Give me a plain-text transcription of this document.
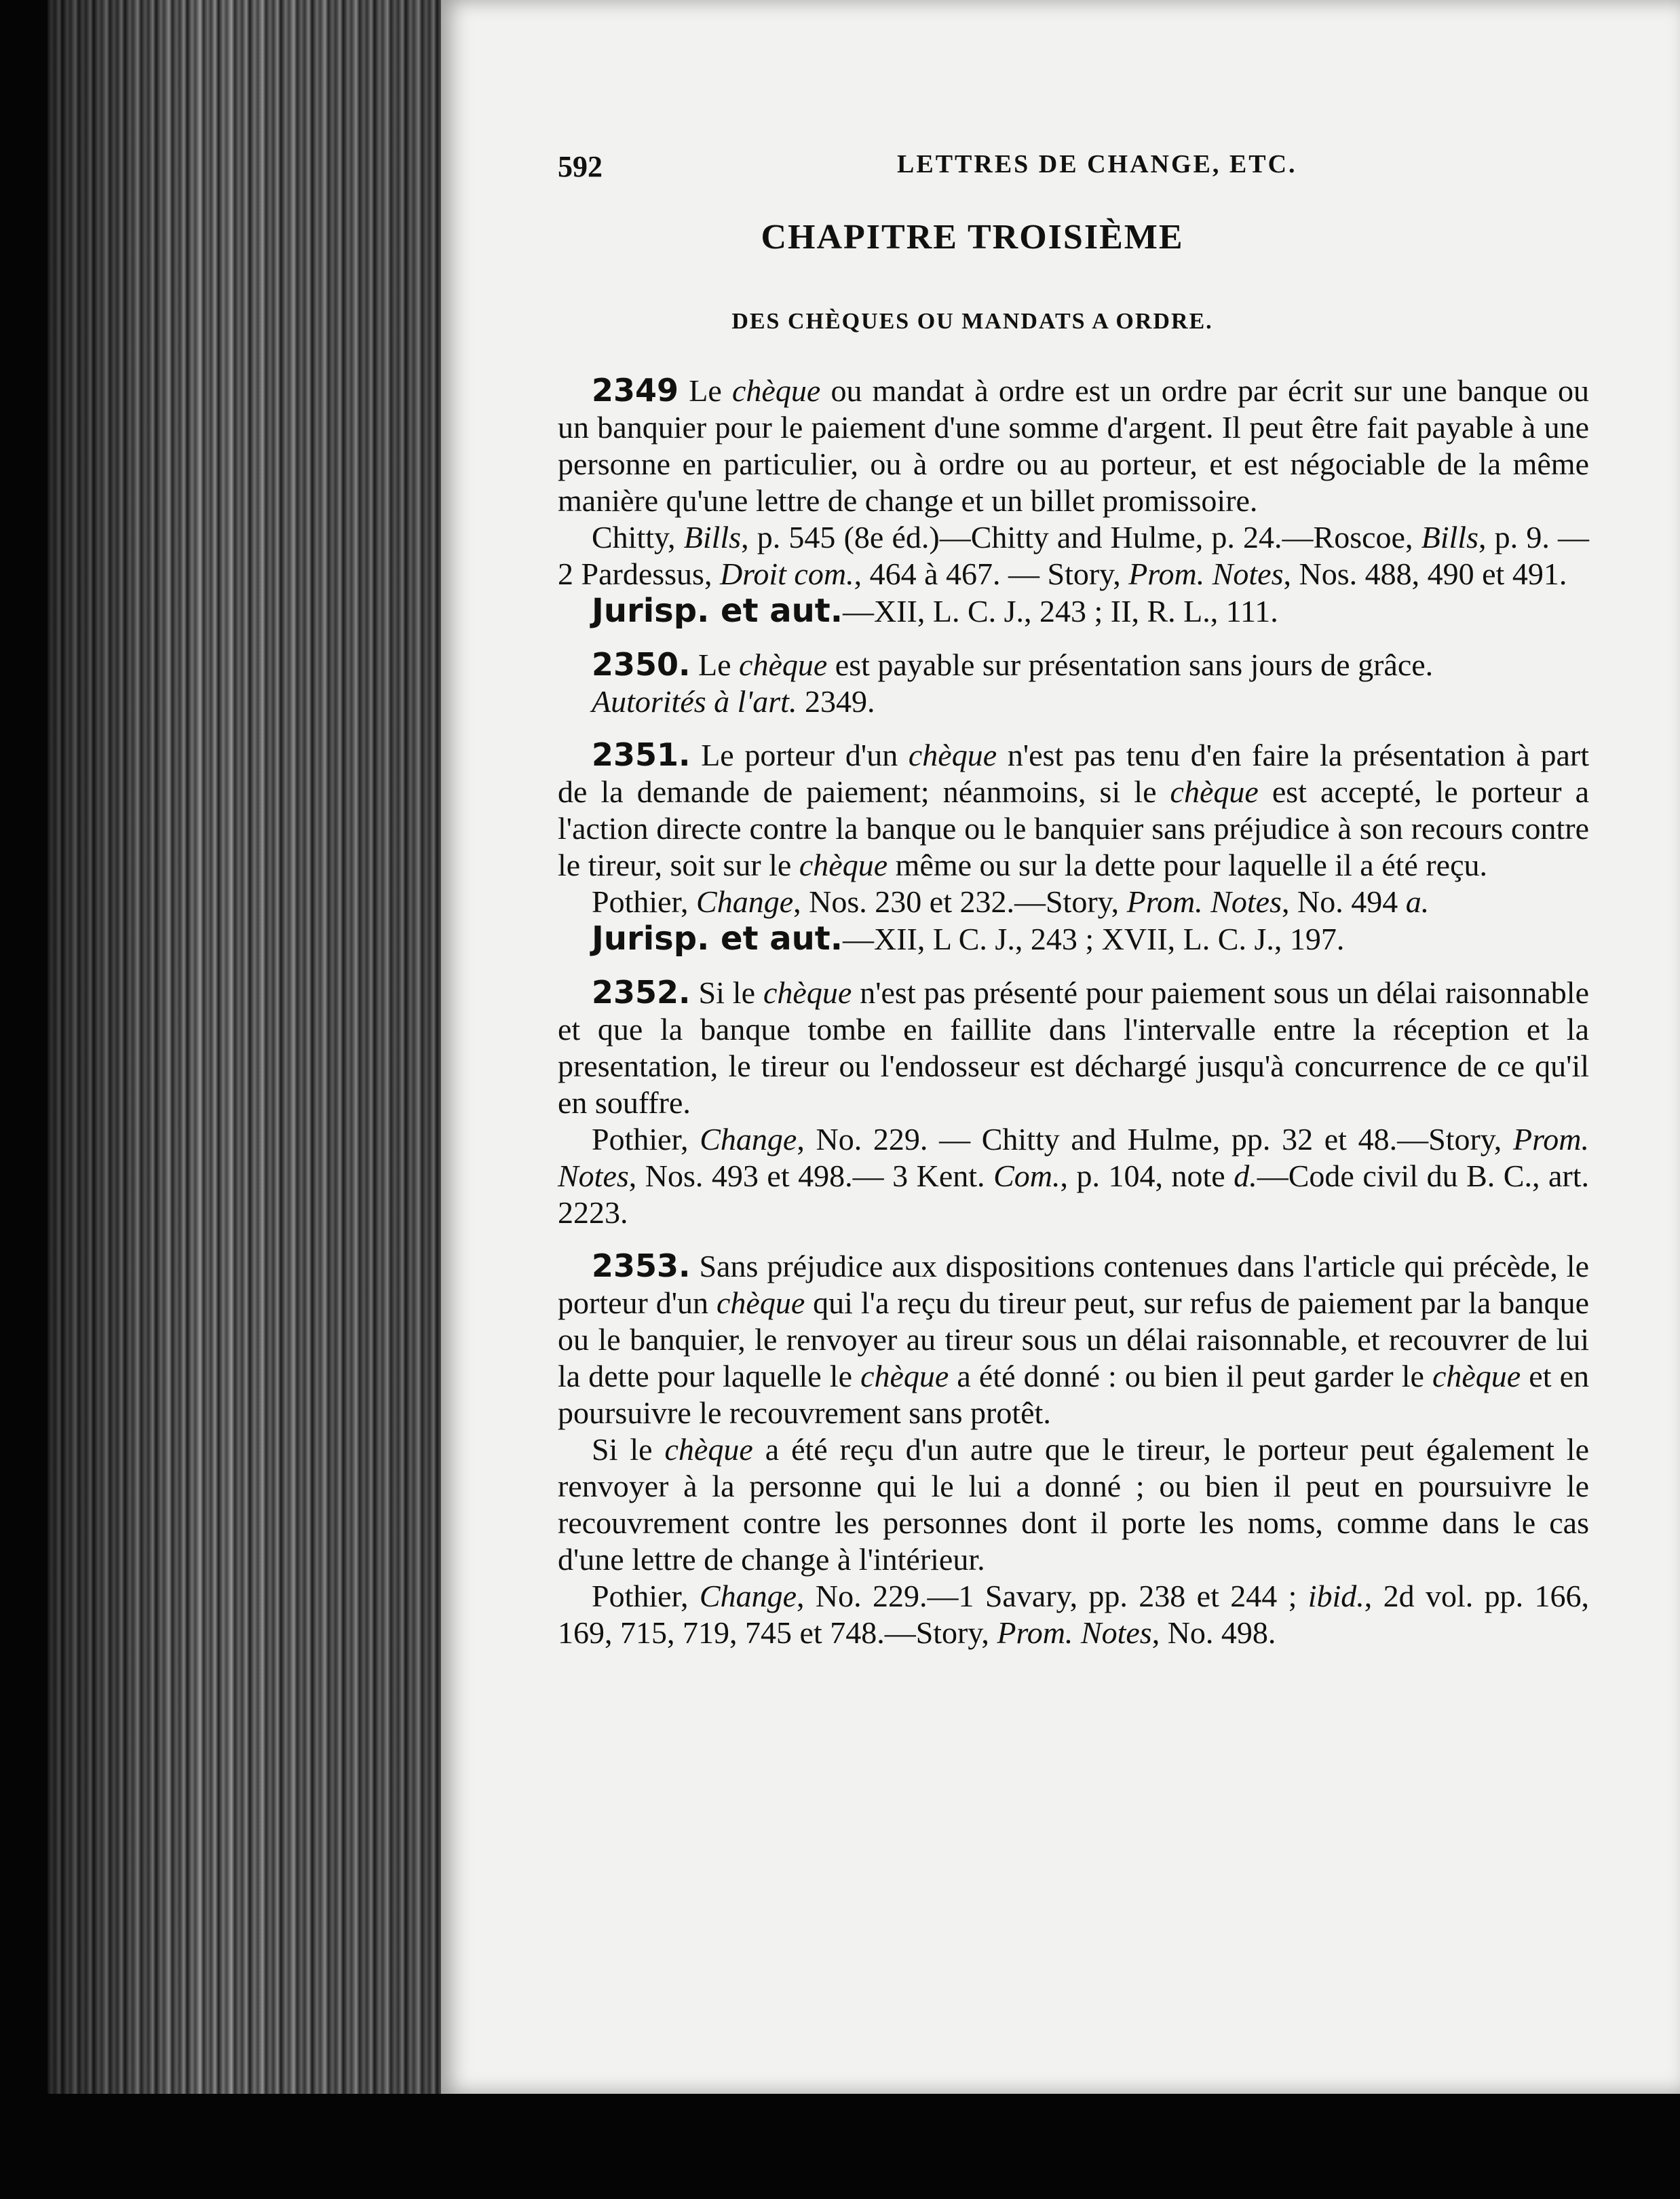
592	LETTRES DE CHANGE, ETC.
CHAPITRE TROISIÈME
DES CHÈQUES OU MANDATS A ORDRE.

2349 Le chèque ou mandat à ordre est un ordre par écrit sur une banque ou un banquier pour le paiement d'une somme d'argent. Il peut être fait payable à une personne en particulier, ou à ordre ou au porteur, et est négociable de la même manière qu'une lettre de change et un billet promissoire.

Chitty, Bills, p. 545 (8e éd.)—Chitty and Hulme, p. 24.—Roscoe, Bills, p. 9. — 2 Pardessus, Droit com., 464 à 467. — Story, Prom. Notes, Nos. 488, 490 et 491.

Jurisp. et aut.—XII, L. C. J., 243 ; II, R. L., 111.

2350. Le chèque est payable sur présentation sans jours de grâce.

Autorités à l'art. 2349.

2351. Le porteur d'un chèque n'est pas tenu d'en faire la présentation à part de la demande de paiement; néanmoins, si le chèque est accepté, le porteur a l'action directe contre la banque ou le banquier sans préjudice à son recours contre le tireur, soit sur le chèque même ou sur la dette pour laquelle il a été reçu.

Pothier, Change, Nos. 230 et 232.—Story, Prom. Notes, No. 494 a.

Jurisp. et aut.—XII, L C. J., 243 ; XVII, L. C. J., 197.

2352. Si le chèque n'est pas présenté pour paiement sous un délai raisonnable et que la banque tombe en faillite dans l'intervalle entre la réception et la presentation, le tireur ou l'endosseur est déchargé jusqu'à concurrence de ce qu'il en souffre.

Pothier, Change, No. 229. — Chitty and Hulme, pp. 32 et 48.—Story, Prom. Notes, Nos. 493 et 498.— 3 Kent. Com., p. 104, note d.—Code civil du B. C., art. 2223.

2353. Sans préjudice aux dispositions contenues dans l'article qui précède, le porteur d'un chèque qui l'a reçu du tireur peut, sur refus de paiement par la banque ou le banquier, le renvoyer au tireur sous un délai raisonnable, et recouvrer de lui la dette pour laquelle le chèque a été donné : ou bien il peut garder le chèque et en poursuivre le recouvrement sans protêt.

Si le chèque a été reçu d'un autre que le tireur, le porteur peut également le renvoyer à la personne qui le lui a donné ; ou bien il peut en poursuivre le recouvrement contre les personnes dont il porte les noms, comme dans le cas d'une lettre de change à l'intérieur.

Pothier, Change, No. 229.—1 Savary, pp. 238 et 244 ; ibid., 2d vol. pp. 166, 169, 715, 719, 745 et 748.—Story, Prom. Notes, No. 498.
